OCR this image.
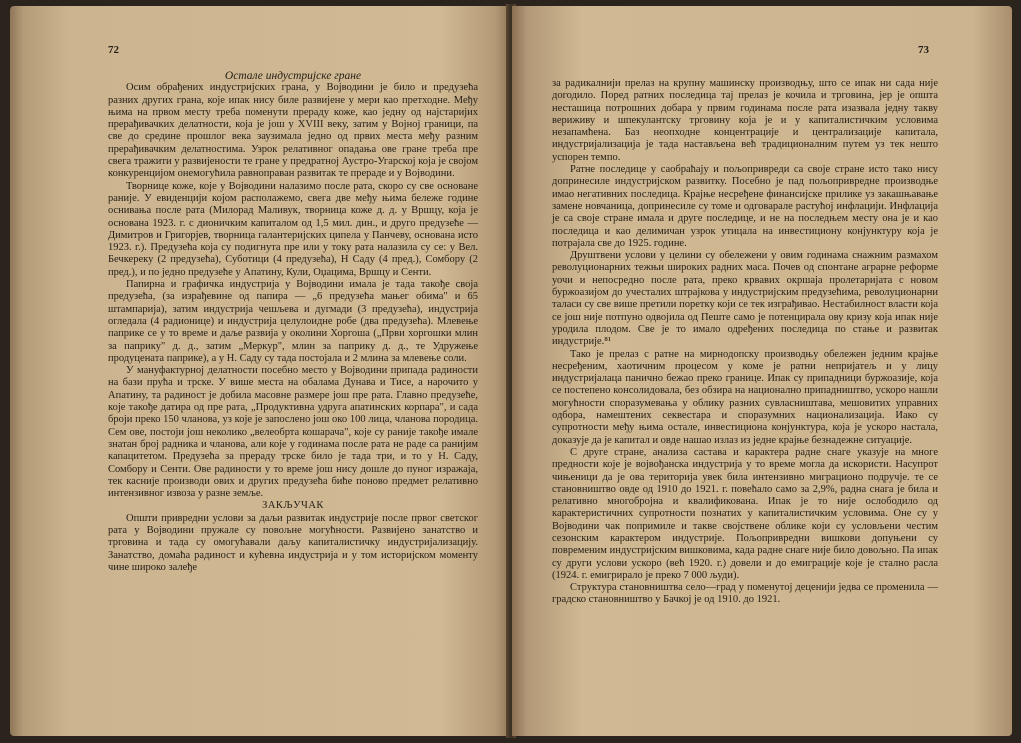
72

Остале индустријске гране

Осим обрађених индустријских грана, у Војводини је било и предузећа разних других грана, које ипак нису биле развијене у мери као претходне. Међу њима на првом месту треба поменути прераду коже, као једну од најстаријих прерађивачких делатности, која је још у XVIII веку, затим у Војној граници, па све до средине прошлог века заузимала једно од првих места међу разним прерађивачким делатностима. Узрок релативног опадања ове гране треба пре свега тражити у развијености те гране у предратној Аустро-Угарској која је својом конкуренцијом онемогућила равноправан развитак те прераде и у Војводини.

Творнице коже, које у Војводини налазимо после рата, скоро су све основане раније. У евиденцији којом располажемо, свега две међу њима бележе године оснивања после рата (Милорад Маливук, творница коже д. д. у Вршцу, која је основана 1923. г. с дионичким капиталом од 1,5 мил. дин., и друго предузеће — Димитров и Григорјев, творница галантеријских ципела у Панчеву, основана исто 1923. г.). Предузећа која су подигнута пре или у току рата налазила су се: у Вел. Бечкереку (2 предузећа), Суботици (4 предузећа), Н Саду (4 пред.), Сомбору (2 пред.), и по једно предузеће у Апатину, Кули, Оџацима, Вршцу и Сенти.

Папирна и графичка индустрија у Војводини имала је тада такође своја предузећа, (за израђевине од папира — „6 предузећа мањег обима" и 65 штампарија), затим индустрија чешљева и дугмади (3 предузећа), индустрија огледала (4 радионице) и индустрија целулоидне робе (два предузећа). Млевење паприке се у то време и даље развија у околини Хоргоша („Први хоргошки млин за паприку" д. д., затим „Меркур", млин за паприку д. д., те Удружење продуцената паприке), а у Н. Саду су тада постојала и 2 млина за млевење соли.

У мануфактурној делатности посебно место у Војводини припада радиности на бази прућа и трске. У више места на обалама Дунава и Тисе, а нарочито у Апатину, та радиност је добила масовне размере још пре рата. Главно предузеће, које такође датира од пре рата, „Продуктивна удруга апатинских корпара", и сада броји преко 150 чланова, уз које је запослено још око 100 лица, чланова породица. Сем ове, постоји још неколико „велеобрта кошарача", које су раније такође имале знатан број радника и чланова, али које у годинама после рата не раде са ранијим капацитетом. Предузећа за прераду трске било је тада три, и то у Н. Саду, Сомбору и Сенти. Ове радиности у то време још нису дошле до пуног изражаја, тек касније производи ових и других предузећа биће поново предмет релативно интензивног извоза у разне земље.

ЗАКЉУЧАК

Општи привредни услови за даљи развитак индустрије после првог светског рата у Војводини пружале су повољне могућности. Развијено занатство и трговина и тада су омогућавали даљу капиталистичку индустријализацију. Занатство, домаћа радиност и кућевна индустрија и у том историјском моменту чине широко залеђе

73

за радикалнији прелаз на крупну машинску производњу, што се ипак ни сада није догодило. Поред ратних последица тај прелаз је кочила и трговина, јер је општа несташица потрошних добара у првим годинама после рата изазвала једну такву вериживу и шпекулантску трговину која је и у капиталистичким условима незапамћена. Баз неопходне концентрације и централизације капитала, индустријализација је тада настављена већ традиционалним путем уз тек нешто успорен темпо.

Ратне последице у саобраћају и пољопривреди са своје стране исто тако нису допринесиле индустријском развитку. Посебно је пад пољопривредне производње имао негативних последица. Крајње несређене финансијске прилике уз закашњавање замене новчаница, допринесиле су томе и одговарале растућој инфлацији. Инфлација је са своје стране имала и друге последице, и не на последњем месту она је и као последица и као делимичан узрок утицала на инвестициону конјунктуру која је потрајала све до 1925. године.

Друштвени услови у целини су обележени у овим годинама снажним размахом револуционарних тежњи широких радних маса. Почев од спонтане аграрне реформе уочи и непосредно после рата, преко крвавих окршаја пролетаријата с новом буржоазијом до учесталих штрајкова у индустријским предузећима, револуционарни таласи су све више претили поретку који се тек изграђивао. Нестабилност власти која се још није потпуно одвојила од Пеште само је потенцирала ову кризу која ипак није уродила плодом. Све је то имало одређених последица по стање и развитак индустрије.⁸¹

Тако је прелаз с ратне на мирнодопску производњу обележен једним крајње несређеним, хаотичним процесом у коме је ратни непријатељ и у лицу индустријалаца панично бежао преко границе. Ипак су припадници буржоазије, која се постепено консолидовала, без обзира на национално припадништво, ускоро нашли могућности споразумевања у облику разних сувласништава, мешовитих управних одбора, намештених секвестара и споразумних национализација. Иако су супротности међу њима остале, инвестициона конјунктура, која је ускоро настала, доказује да је капитал и овде нашао излаз из једне крајње безнадежне ситуације.

С друге стране, анализа састава и карактера радне снаге указује на многе предности које је војвођанска индустрија у то време могла да искористи. Насупрот чињеници да је ова територија увек била интензивно миграционо подручје. те се становништво овде од 1910 до 1921. г. повећало само за 2,9%, радна снага је била и релативно многобројна и квалификована. Ипак је то није ослободило од карактеристичних супротности познатих у капиталистичким условима. Оне су у Војводини чак попримиле и такве својствене облике који су условљени честим сезонским карактером индустрије. Пољопривредни вишкови допуњени су повременим индустријским вишковима, када радне снаге није било довољно. Па ипак су други услови ускоро (већ 1920. г.) довели и до емиграције које је стално расла (1924. г. емигрирало је преко 7 000 људи).

Структура становништва село—град у поменутој деценији једва се променила — градско становништво у Бачкој је од 1910. до 1921.
